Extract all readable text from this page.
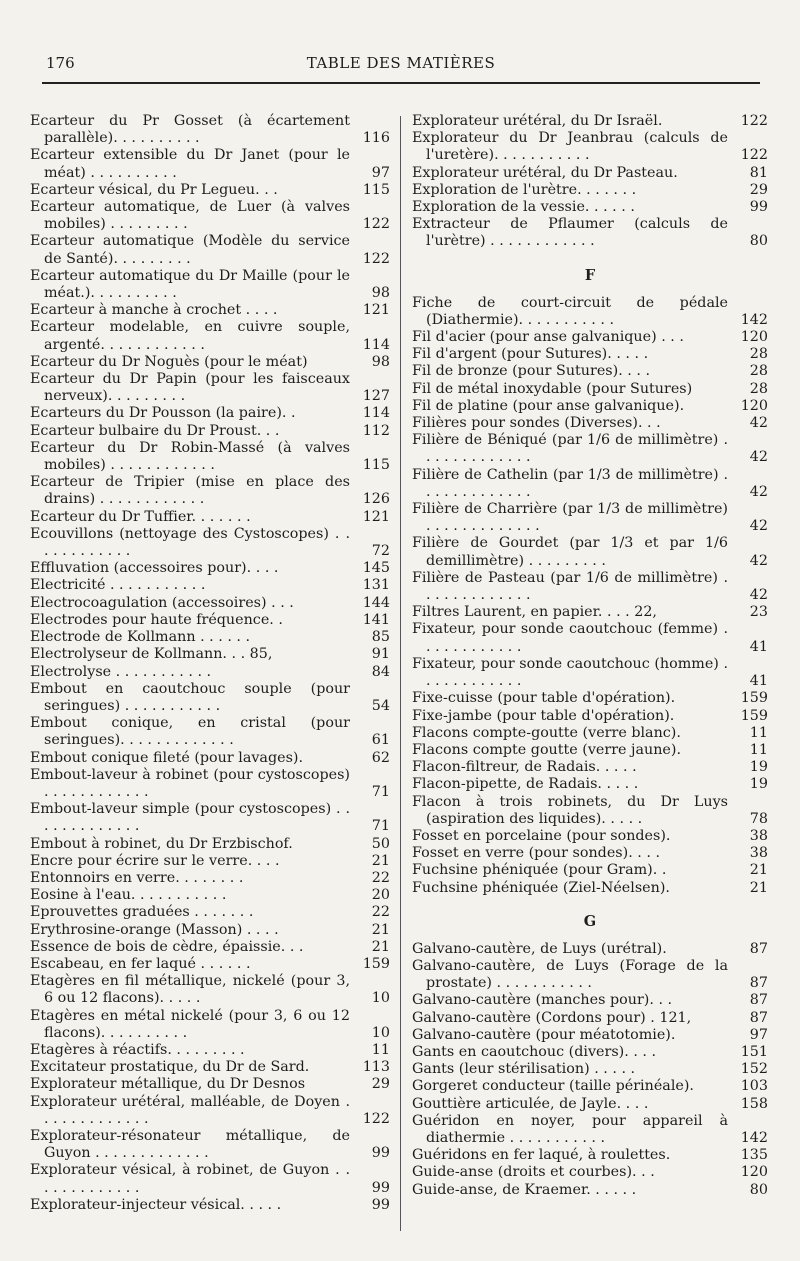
176	TABLE DES MATIÈRES
Ecarteur du Pr Gosset (à écartement parallèle). . . . . . . . . .	116
Ecarteur extensible du Dr Janet (pour le méat) . . . . . . . . . .	97
Ecarteur vésical, du Pr Legueu. . .	115
Ecarteur automatique, de Luer (à valves mobiles) . . . . . . . . .	122
Ecarteur automatique (Modèle du service de Santé). . . . . . . . .	122
Ecarteur automatique du Dr Maille (pour le méat.). . . . . . . . . .	98
Ecarteur à manche à crochet . . . .	121
Ecarteur modelable, en cuivre souple, argenté. . . . . . . . . . . .	114
Ecarteur du Dr Noguès (pour le méat)	98
Ecarteur du Dr Papin (pour les faisceaux nerveux). . . . . . . . .	127
Ecarteurs du Dr Pousson (la paire). .	114
Ecarteur bulbaire du Dr Proust. . .	112
Ecarteur du Dr Robin-Massé (à valves mobiles) . . . . . . . . . . . .	115
Ecarteur de Tripier (mise en place des drains) . . . . . . . . . . . .	126
Ecarteur du Dr Tuffier. . . . . . .	121
Ecouvillons (nettoyage des Cystoscopes) . . . . . . . . . . . .	72
Effluvation (accessoires pour). . . .	145
Electricité . . . . . . . . . . .	131
Electrocoagulation (accessoires) . . .	144
Electrodes pour haute fréquence. .	141
Electrode de Kollmann . . . . . .	85
Electrolyseur de Kollmann. . . 85,	91
Electrolyse . . . . . . . . . . .	84
Embout en caoutchouc souple (pour seringues) . . . . . . . . . . .	54
Embout conique, en cristal (pour seringues). . . . . . . . . . . . .	61
Embout conique fileté (pour lavages).	62
Embout-laveur à robinet (pour cystoscopes) . . . . . . . . . . . .	71
Embout-laveur simple (pour cystoscopes) . . . . . . . . . . . . .	71
Embout à robinet, du Dr Erzbischof.	50
Encre pour écrire sur le verre. . . .	21
Entonnoirs en verre. . . . . . . .	22
Eosine à l'eau. . . . . . . . . . .	20
Eprouvettes graduées . . . . . . .	22
Erythrosine-orange (Masson) . . . .	21
Essence de bois de cèdre, épaissie. . .	21
Escabeau, en fer laqué . . . . . .	159
Etagères en fil métallique, nickelé (pour 3, 6 ou 12 flacons). . . . .	10
Etagères en métal nickelé (pour 3, 6 ou 12 flacons). . . . . . . . . .	10
Etagères à réactifs. . . . . . . . .	11
Excitateur prostatique, du Dr de Sard.	113
Explorateur métallique, du Dr Desnos	29
Explorateur urétéral, malléable, de Doyen . . . . . . . . . . . . .	122
Explorateur-résonateur métallique, de Guyon . . . . . . . . . . . . .	99
Explorateur vésical, à robinet, de Guyon . . . . . . . . . . . . .	99
Explorateur-injecteur vésical. . . . .	99
Explorateur urétéral, du Dr Israël.	122
Explorateur du Dr Jeanbrau (calculs de l'uretère). . . . . . . . . . .	122
Explorateur urétéral, du Dr Pasteau.	81
Exploration de l'urètre. . . . . . .	29
Exploration de la vessie. . . . . .	99
Extracteur de Pflaumer (calculs de l'urètre) . . . . . . . . . . . .	80
F
Fiche de court-circuit de pédale (Diathermie). . . . . . . . . . .	142
Fil d'acier (pour anse galvanique) . . .	120
Fil d'argent (pour Sutures). . . . .	28
Fil de bronze (pour Sutures). . . .	28
Fil de métal inoxydable (pour Sutures)	28
Fil de platine (pour anse galvanique).	120
Filières pour sondes (Diverses). . .	42
Filière de Béniqué (par 1/6 de millimètre) . . . . . . . . . . . . .	42
Filière de Cathelin (par 1/3 de millimètre) . . . . . . . . . . . . .	42
Filière de Charrière (par 1/3 de millimètre) . . . . . . . . . . . . .	42
Filière de Gourdet (par 1/3 et par 1/6 demillimètre) . . . . . . . . .	42
Filière de Pasteau (par 1/6 de millimètre) . . . . . . . . . . . . .	42
Filtres Laurent, en papier. . . . 22,	23
Fixateur, pour sonde caoutchouc (femme) . . . . . . . . . . . .	41
Fixateur, pour sonde caoutchouc (homme) . . . . . . . . . . . .	41
Fixe-cuisse (pour table d'opération).	159
Fixe-jambe (pour table d'opération).	159
Flacons compte-goutte (verre blanc).	11
Flacons compte goutte (verre jaune).	11
Flacon-filtreur, de Radais. . . . .	19
Flacon-pipette, de Radais. . . . .	19
Flacon à trois robinets, du Dr Luys (aspiration des liquides). . . . .	78
Fosset en porcelaine (pour sondes).	38
Fosset en verre (pour sondes). . . .	38
Fuchsine phéniquée (pour Gram). .	21
Fuchsine phéniquée (Ziel-Néelsen).	21
G
Galvano-cautère, de Luys (urétral).	87
Galvano-cautère, de Luys (Forage de la prostate) . . . . . . . . . . .	87
Galvano-cautère (manches pour). . .	87
Galvano-cautère (Cordons pour) . 121,	87
Galvano-cautère (pour méatotomie).	97
Gants en caoutchouc (divers). . . .	151
Gants (leur stérilisation) . . . . .	152
Gorgeret conducteur (taille périnéale).	103
Gouttière articulée, de Jayle. . . .	158
Guéridon en noyer, pour appareil à diathermie . . . . . . . . . . .	142
Guéridons en fer laqué, à roulettes.	135
Guide-anse (droits et courbes). . .	120
Guide-anse, de Kraemer. . . . . .	80
